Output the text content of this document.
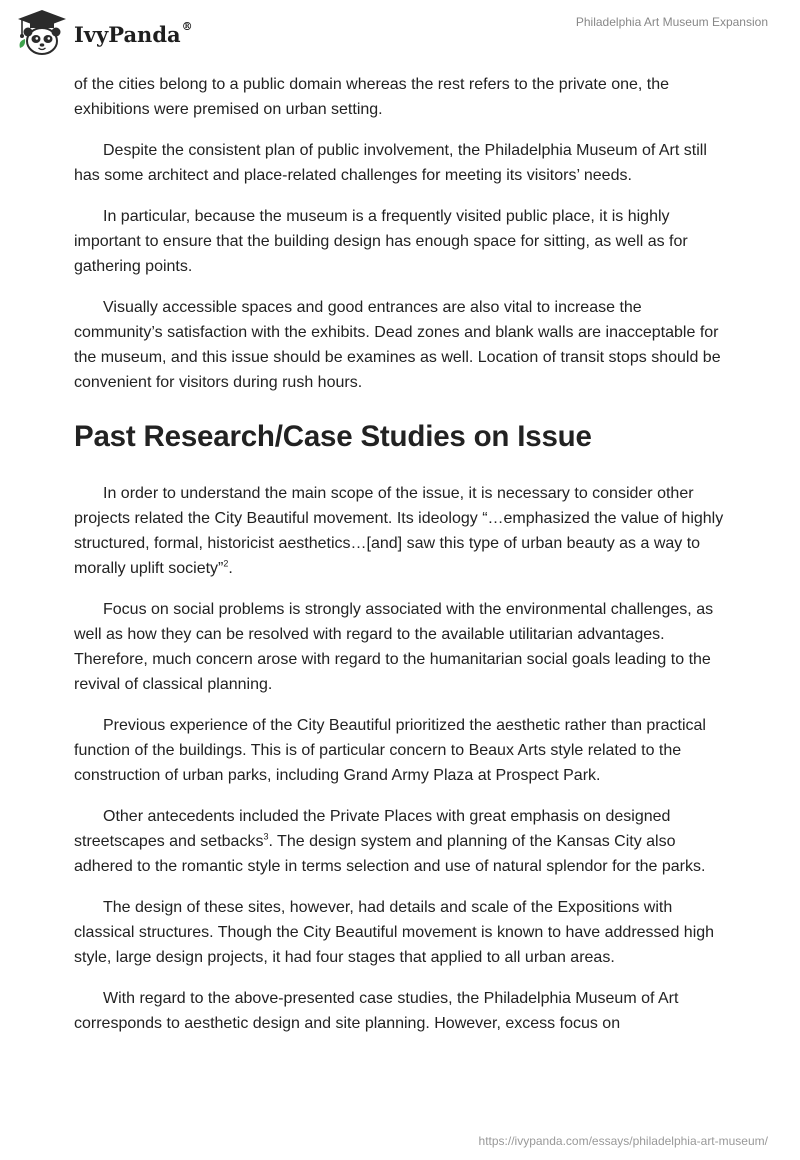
IvyPanda®	Philadelphia Art Museum Expansion

of the cities belong to a public domain whereas the rest refers to the private one, the exhibitions were premised on urban setting.

Despite the consistent plan of public involvement, the Philadelphia Museum of Art still has some architect and place-related challenges for meeting its visitors’ needs.

In particular, because the museum is a frequently visited public place, it is highly important to ensure that the building design has enough space for sitting, as well as for gathering points.

Visually accessible spaces and good entrances are also vital to increase the community’s satisfaction with the exhibits. Dead zones and blank walls are inacceptable for the museum, and this issue should be examines as well. Location of transit stops should be convenient for visitors during rush hours.

Past Research/Case Studies on Issue

In order to understand the main scope of the issue, it is necessary to consider other projects related the City Beautiful movement. Its ideology “…emphasized the value of highly structured, formal, historicist aesthetics…[and] saw this type of urban beauty as a way to morally uplift society”$^2$.

Focus on social problems is strongly associated with the environmental challenges, as well as how they can be resolved with regard to the available utilitarian advantages. Therefore, much concern arose with regard to the humanitarian social goals leading to the revival of classical planning.

Previous experience of the City Beautiful prioritized the aesthetic rather than practical function of the buildings. This is of particular concern to Beaux Arts style related to the construction of urban parks, including Grand Army Plaza at Prospect Park.

Other antecedents included the Private Places with great emphasis on designed streetscapes and setbacks$^3$. The design system and planning of the Kansas City also adhered to the romantic style in terms selection and use of natural splendor for the parks.

The design of these sites, however, had details and scale of the Expositions with classical structures. Though the City Beautiful movement is known to have addressed high style, large design projects, it had four stages that applied to all urban areas.

With regard to the above-presented case studies, the Philadelphia Museum of Art corresponds to aesthetic design and site planning. However, excess focus on

https://ivypanda.com/essays/philadelphia-art-museum/
